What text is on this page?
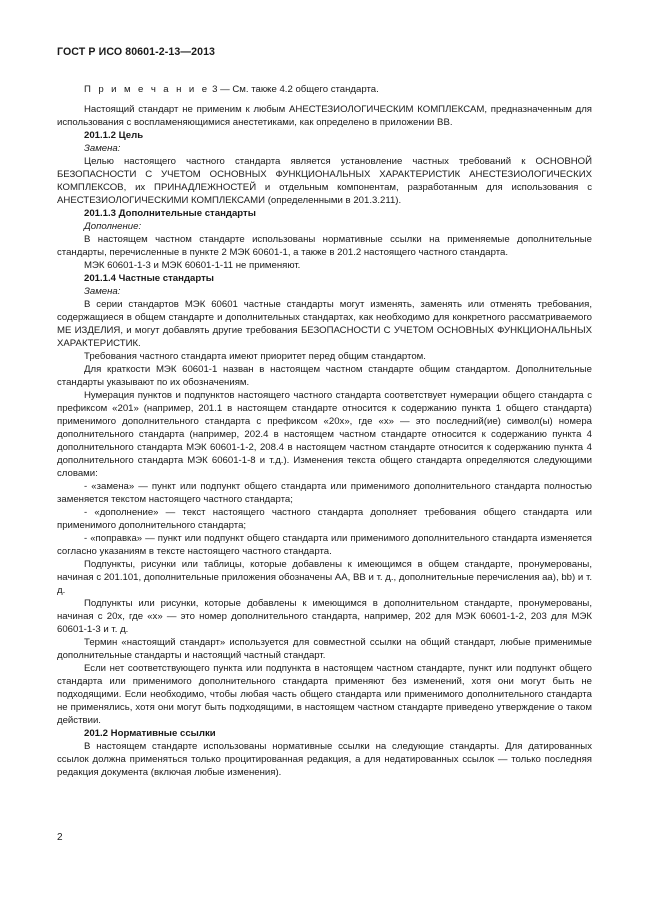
ГОСТ Р ИСО 80601-2-13—2013

П р и м е ч а н и е 3 — См. также 4.2 общего стандарта.

Настоящий стандарт не применим к любым АНЕСТЕЗИОЛОГИЧЕСКИМ КОМПЛЕКСАМ, предназначенным для использования с воспламеняющимися анестетиками, как определено в приложении ВВ.

201.1.2 Цель

Замена:

Целью настоящего частного стандарта является установление частных требований к ОСНОВНОЙ БЕЗОПАСНОСТИ С УЧЕТОМ ОСНОВНЫХ ФУНКЦИОНАЛЬНЫХ ХАРАКТЕРИСТИК АНЕСТЕЗИОЛОГИЧЕСКИХ КОМПЛЕКСОВ, их ПРИНАДЛЕЖНОСТЕЙ и отдельным компонентам, разработанным для использования с АНЕСТЕЗИОЛОГИЧЕСКИМИ КОМПЛЕКСАМИ (определенными в 201.3.211).

201.1.3 Дополнительные стандарты

Дополнение:

В настоящем частном стандарте использованы нормативные ссылки на применяемые дополнительные стандарты, перечисленные в пункте 2 МЭК 60601-1, а также в 201.2 настоящего частного стандарта.

МЭК 60601-1-3 и МЭК 60601-1-11 не применяют.

201.1.4 Частные стандарты

Замена:

В серии стандартов МЭК 60601 частные стандарты могут изменять, заменять или отменять требования, содержащиеся в общем стандарте и дополнительных стандартах, как необходимо для конкретного рассматриваемого МЕ ИЗДЕЛИЯ, и могут добавлять другие требования БЕЗОПАСНОСТИ С УЧЕТОМ ОСНОВНЫХ ФУНКЦИОНАЛЬНЫХ ХАРАКТЕРИСТИК.

Требования частного стандарта имеют приоритет перед общим стандартом.

Для краткости МЭК 60601-1 назван в настоящем частном стандарте общим стандартом. Дополнительные стандарты указывают по их обозначениям.

Нумерация пунктов и подпунктов настоящего частного стандарта соответствует нумерации общего стандарта с префиксом «201» (например, 201.1 в настоящем стандарте относится к содержанию пункта 1 общего стандарта) применимого дополнительного стандарта с префиксом «20x», где «x» — это последний(ие) символ(ы) номера дополнительного стандарта (например, 202.4 в настоящем частном стандарте относится к содержанию пункта 4 дополнительного стандарта МЭК 60601-1-2, 208.4 в настоящем частном стандарте относится к содержанию пункта 4 дополнительного стандарта МЭК 60601-1-8 и т.д.). Изменения текста общего стандарта определяются следующими словами:

- «замена» — пункт или подпункт общего стандарта или применимого дополнительного стандарта полностью заменяется текстом настоящего частного стандарта;

- «дополнение» — текст настоящего частного стандарта дополняет требования общего стандарта или применимого дополнительного стандарта;

- «поправка» — пункт или подпункт общего стандарта или применимого дополнительного стандарта изменяется согласно указаниям в тексте настоящего частного стандарта.

Подпункты, рисунки или таблицы, которые добавлены к имеющимся в общем стандарте, пронумерованы, начиная с 201.101, дополнительные приложения обозначены АА, ВВ и т. д., дополнительные перечисления аа), bb) и т. д.

Подпункты или рисунки, которые добавлены к имеющимся в дополнительном стандарте, пронумерованы, начиная с 20x, где «x» — это номер дополнительного стандарта, например, 202 для МЭК 60601-1-2, 203 для МЭК 60601-1-3 и т. д.

Термин «настоящий стандарт» используется для совместной ссылки на общий стандарт, любые применимые дополнительные стандарты и настоящий частный стандарт.

Если нет соответствующего пункта или подпункта в настоящем частном стандарте, пункт или подпункт общего стандарта или применимого дополнительного стандарта применяют без изменений, хотя они могут быть не подходящими. Если необходимо, чтобы любая часть общего стандарта или применимого дополнительного стандарта не применялись, хотя они могут быть подходящими, в настоящем частном стандарте приведено утверждение о таком действии.

201.2 Нормативные ссылки

В настоящем стандарте использованы нормативные ссылки на следующие стандарты. Для датированных ссылок должна применяться только процитированная редакция, а для недатированных ссылок — только последняя редакция документа (включая любые изменения).

2
